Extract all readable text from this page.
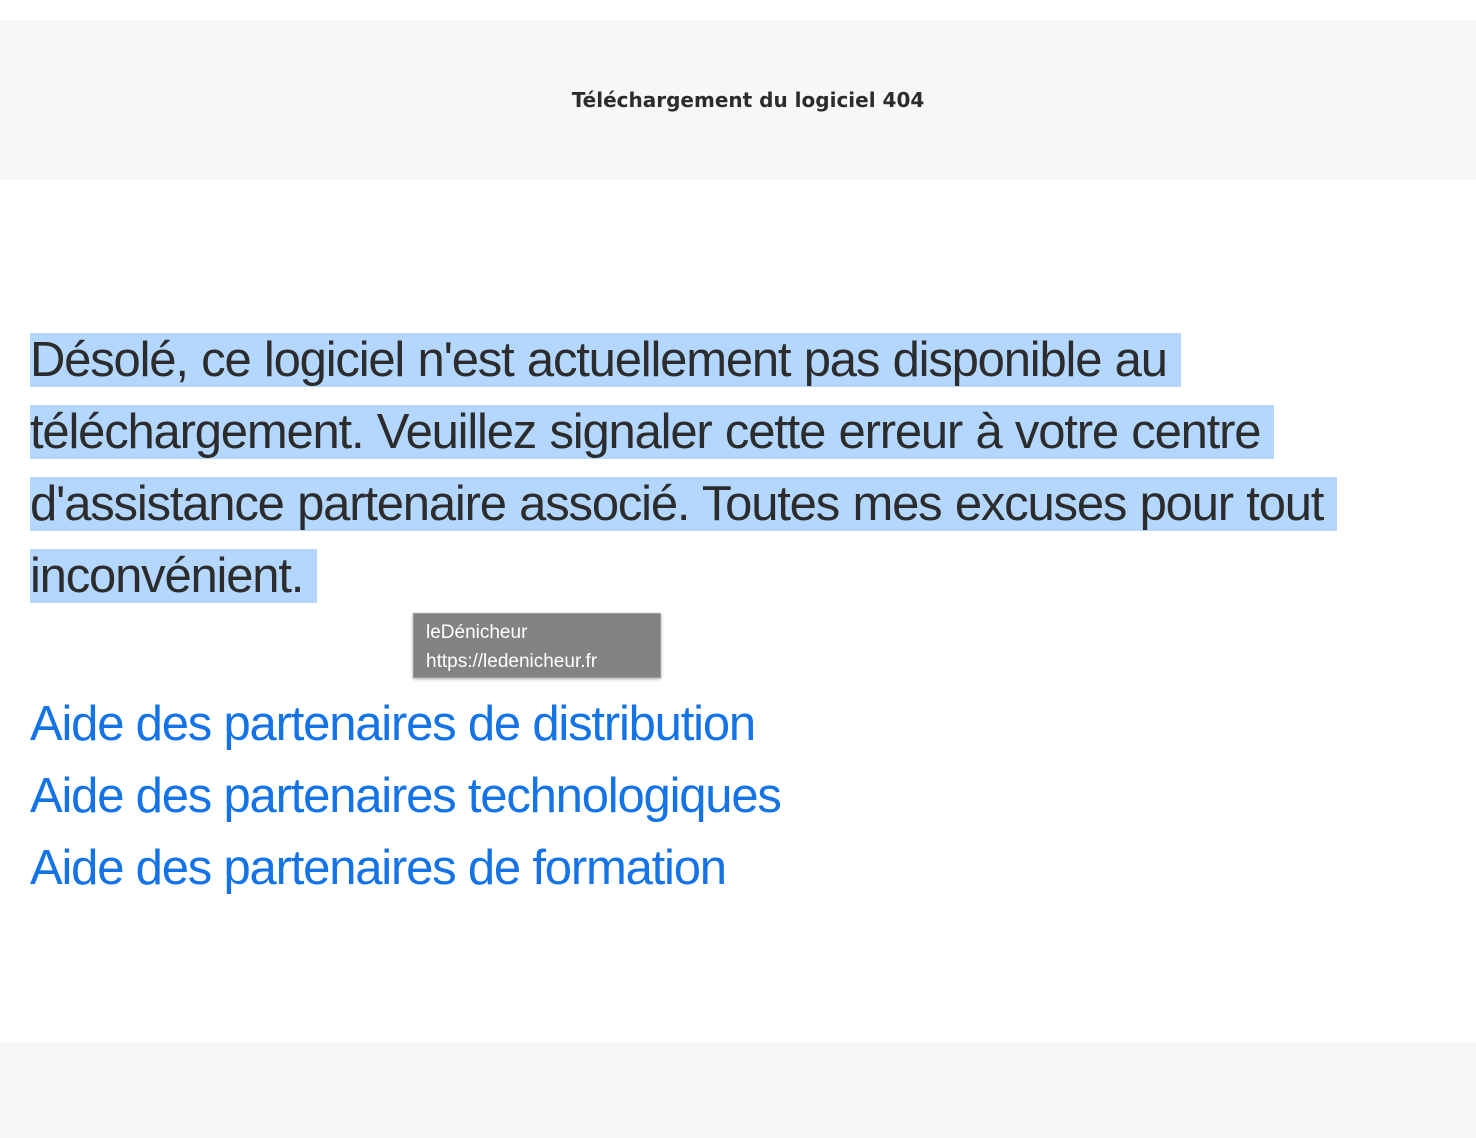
Téléchargement du logiciel 404

Désolé, ce logiciel n'est actuellement pas disponible au téléchargement. Veuillez signaler cette erreur à votre centre d'assistance partenaire associé. Toutes mes excuses pour tout inconvénient.

Aide des partenaires de distribution
Aide des partenaires technologiques
Aide des partenaires de formation
leDénicheur
https://ledenicheur.fr
